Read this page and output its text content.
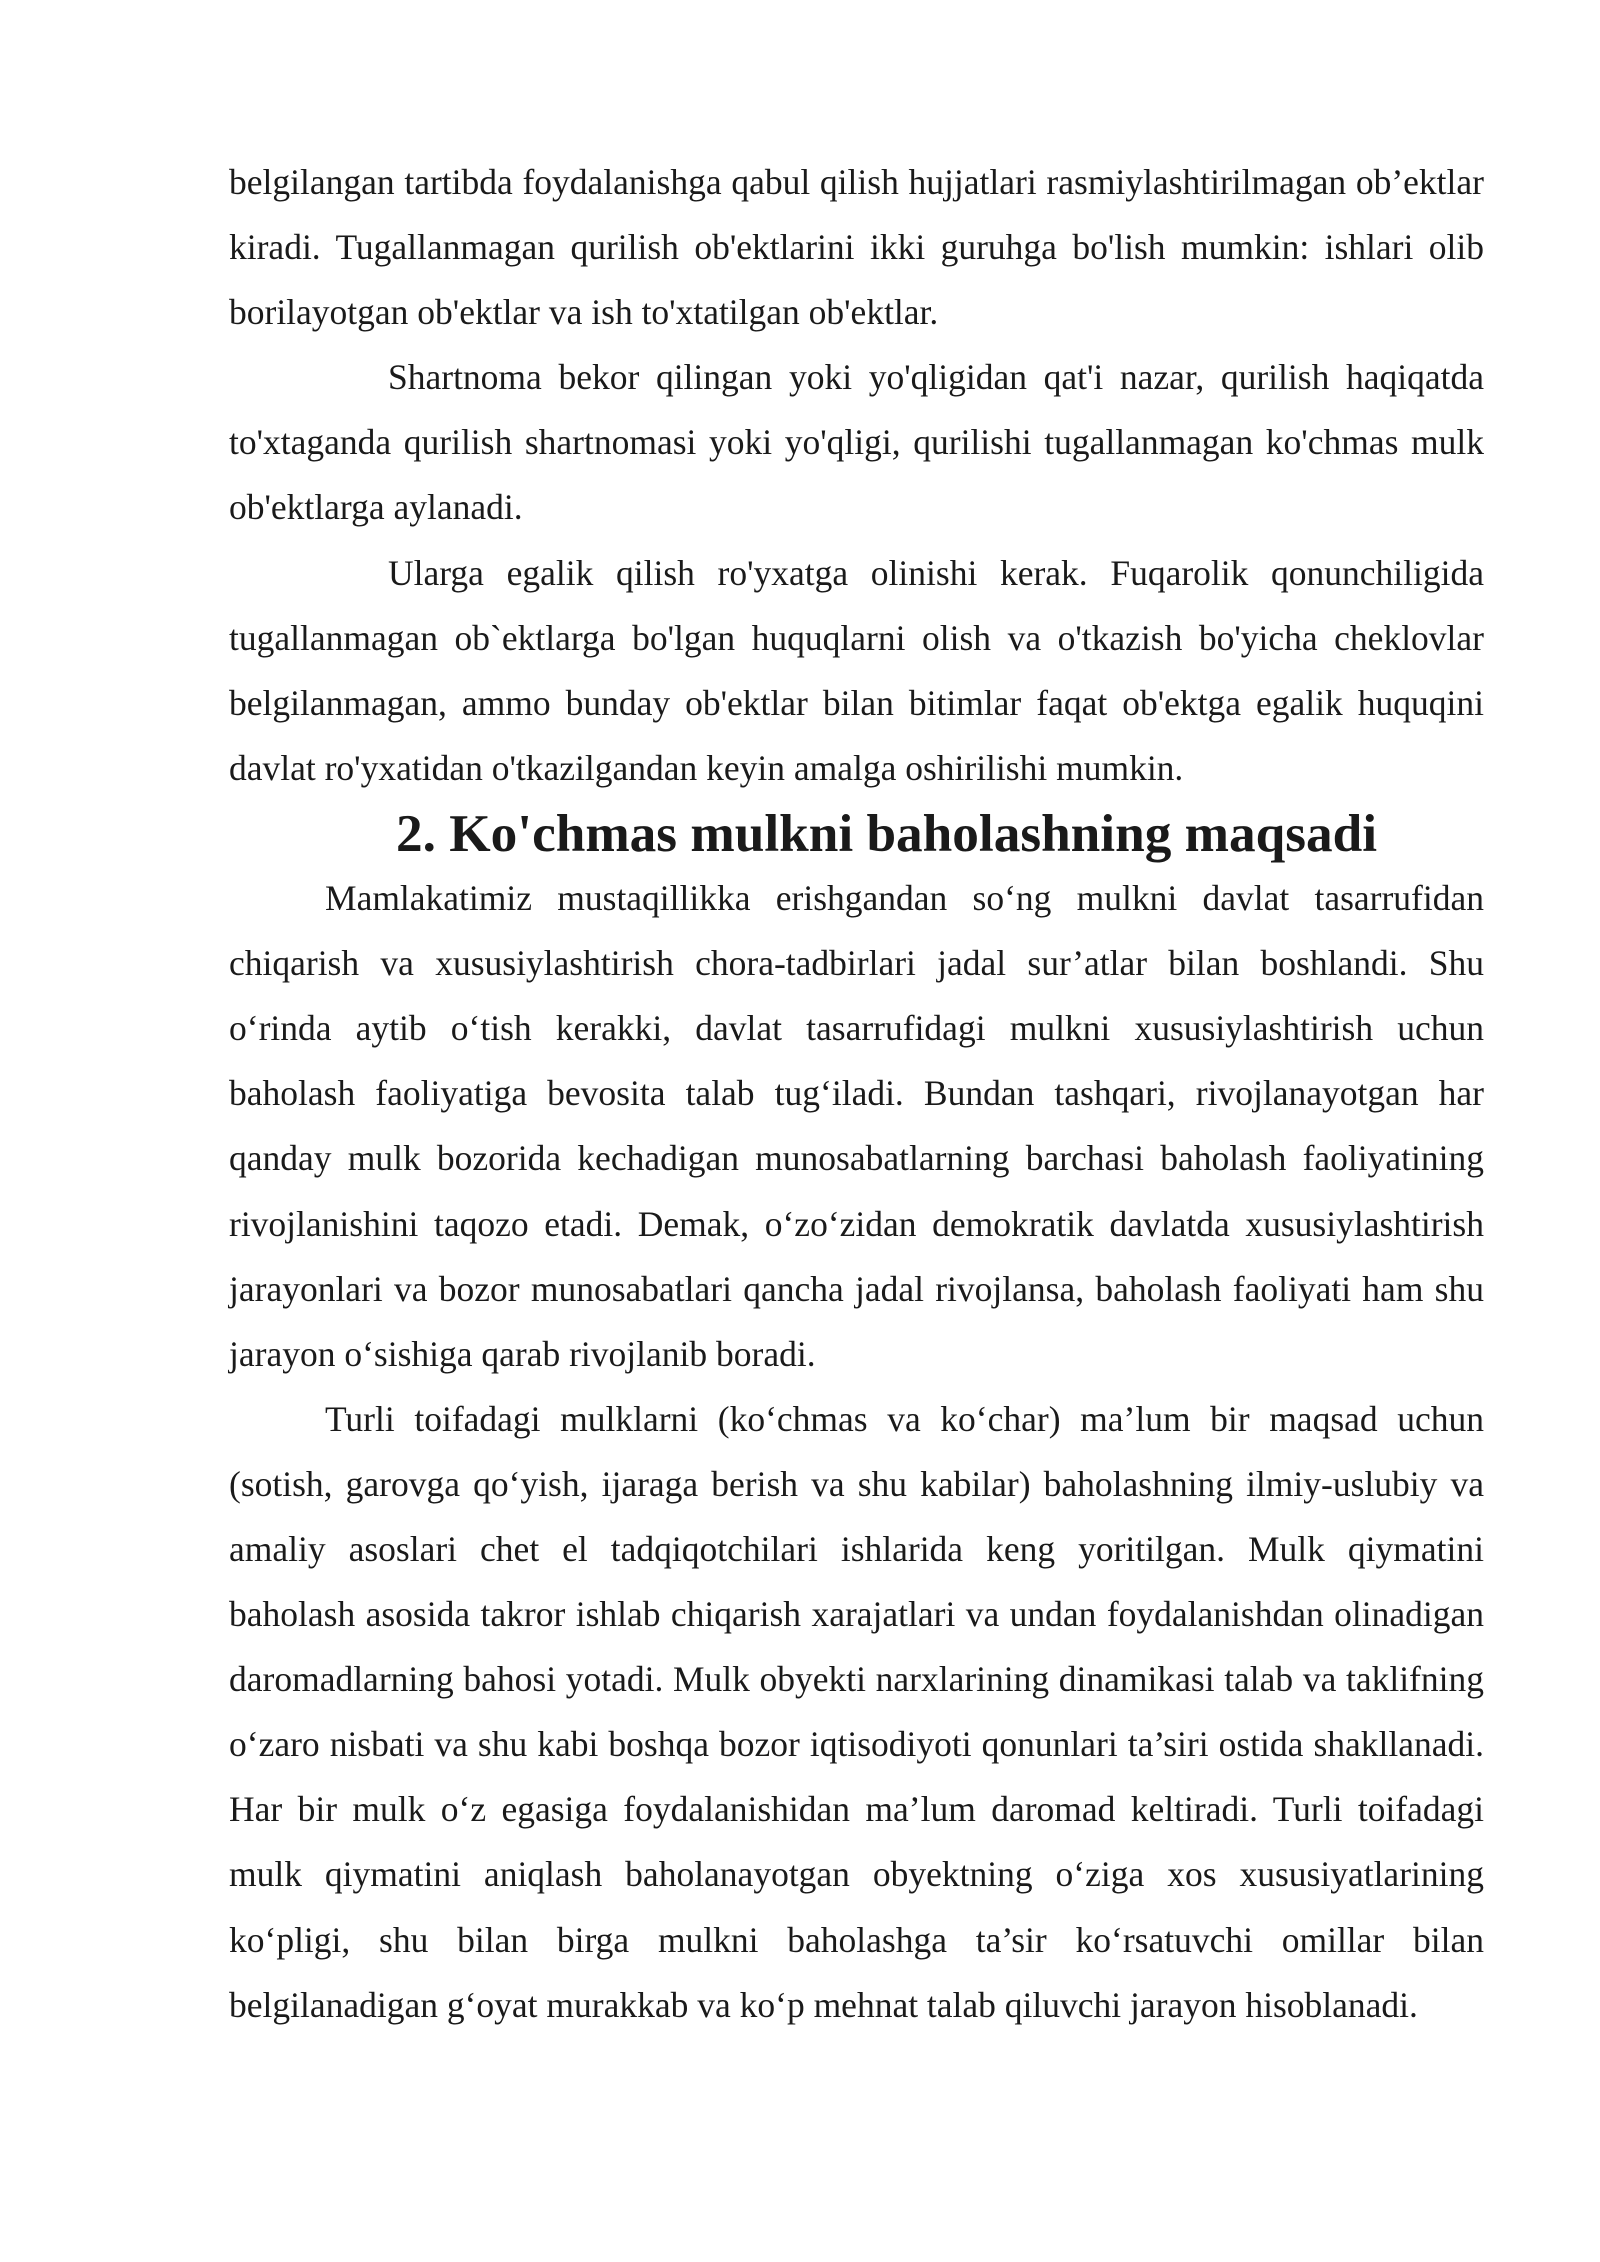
belgilangan tartibda foydalanishga qabul qilish hujjatlari rasmiylashtirilmagan ob’ektlar kiradi. Tugallanmagan qurilish ob'ektlarini ikki guruhga bo'lish mumkin: ishlari olib borilayotgan ob'ektlar va ish to'xtatilgan ob'ektlar.

Shartnoma bekor qilingan yoki yo'qligidan qat'i nazar, qurilish haqiqatda to'xtaganda qurilish shartnomasi yoki yo'qligi, qurilishi tugallanmagan ko'chmas mulk ob'ektlarga aylanadi.

Ularga egalik qilish ro'yxatga olinishi kerak. Fuqarolik qonunchiligida tugallanmagan ob`ektlarga bo'lgan huquqlarni olish va o'tkazish bo'yicha cheklovlar belgilanmagan, ammo bunday ob'ektlar bilan bitimlar faqat ob'ektga egalik huquqini davlat ro'yxatidan o'tkazilgandan keyin amalga oshirilishi mumkin.

2. Ko'chmas mulkni baholashning maqsadi

Mamlakatimiz mustaqillikka erishgandan so‘ng mulkni davlat tasarrufidan chiqarish va xususiylashtirish chora-tadbirlari jadal sur’atlar bilan boshlandi. Shu o‘rinda aytib o‘tish kerakki, davlat tasarrufidagi mulkni xususiylashtirish uchun baholash faoliyatiga bevosita talab tug‘iladi. Bundan tashqari, rivojlanayotgan har qanday mulk bozorida kechadigan munosabatlarning barchasi baholash faoliyatining rivojlanishini taqozo etadi. Demak, o‘zo‘zidan demokratik davlatda xususiylashtirish jarayonlari va bozor munosabatlari qancha jadal rivojlansa, baholash faoliyati ham shu jarayon o‘sishiga qarab rivojlanib boradi.

Turli toifadagi mulklarni (ko‘chmas va ko‘char) ma’lum bir maqsad uchun (sotish, garovga qo‘yish, ijaraga berish va shu kabilar) baholashning ilmiy-uslubiy va amaliy asoslari chet el tadqiqotchilari ishlarida keng yoritilgan. Mulk qiymatini baholash asosida takror ishlab chiqarish xarajatlari va undan foydalanishdan olinadigan daromadlarning bahosi yotadi. Mulk obyekti narxlarining dinamikasi talab va taklifning o‘zaro nisbati va shu kabi boshqa bozor iqtisodiyoti qonunlari ta’siri ostida shakllanadi. Har bir mulk o‘z egasiga foydalanishidan ma’lum daromad keltiradi. Turli toifadagi mulk qiymatini aniqlash baholanayotgan obyektning o‘ziga xos xususiyatlarining ko‘pligi, shu bilan birga mulkni baholashga ta’sir ko‘rsatuvchi omillar bilan belgilanadigan g‘oyat murakkab va ko‘p mehnat talab qiluvchi jarayon hisoblanadi.
